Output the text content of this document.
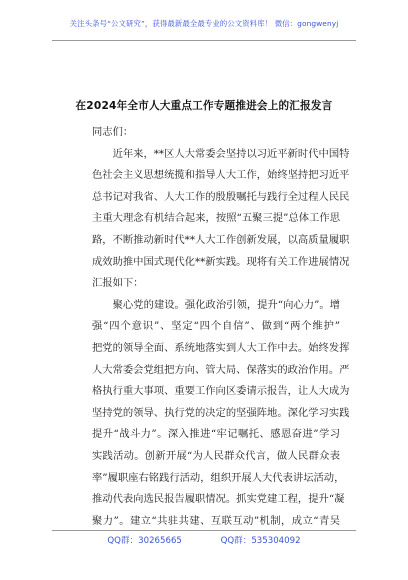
关注头条号“公文研究”，获得最新最全最专业的公文资料库！ 微信：gongwenyj
在2024年全市人大重点工作专题推进会上的汇报发言
同志们：
近年来，**区人大常委会坚持以习近平新时代中国特
色社会主义思想统揽和指导人大工作，始终坚持把习近平
总书记对我省、人大工作的殷殷嘱托与践行全过程人民民
主重大理念有机结合起来，按照“五聚三提”总体工作思
路，不断推动新时代**人大工作创新发展，以高质量履职
成效助推中国式现代化**新实践。现将有关工作进展情况
汇报如下：
聚心党的建设。强化政治引领，提升“向心力”。增
强“四个意识”、坚定“四个自信”、做到“两个维护”
把党的领导全面、系统地落实到人大工作中去。始终发挥
人大常委会党组把方向、管大局、保落实的政治作用。严
格执行重大事项、重要工作向区委请示报告，让人大成为
坚持党的领导、执行党的决定的坚强阵地。深化学习实践
提升“战斗力”。深入推进“牢记嘱托、感恩奋进”学习
实践活动。创新开展“为人民群众代言，做人民群众表
率”履职座右铭践行活动，组织开展人大代表讲坛活动，
推动代表向选民报告履职情况。抓实党建工程，提升“凝
聚力”。建立“共驻共建、互联互动”机制，成立“青吴
QQ群：30265665	QQ群：535304092
